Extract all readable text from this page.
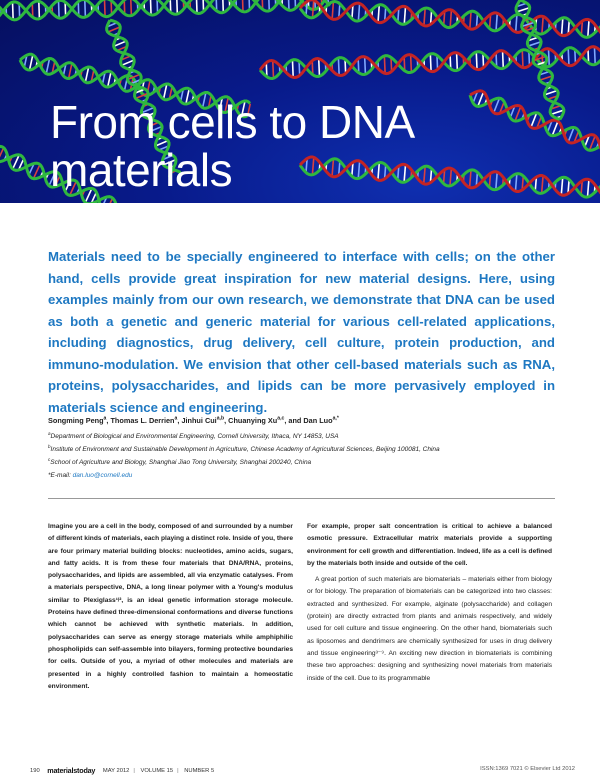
From cells to DNA
materials

Materials need to be specially engineered to interface with cells; on the other hand, cells provide great inspiration for new material designs. Here, using examples mainly from our own research, we demonstrate that DNA can be used as both a genetic and generic material for various cell-related applications, including diagnostics, drug delivery, cell culture, protein production, and immuno-modulation. We envision that other cell-based materials such as RNA, proteins, polysaccharides, and lipids can be more pervasively employed in materials science and engineering.

Songming Peng$^a$, Thomas L. Derrien$^a$, Jinhui Cui$^{a,b}$, Chuanying Xu$^{a,c}$, and Dan Luo$^{a,*}$
$^a$Department of Biological and Environmental Engineering, Cornell University, Ithaca, NY 14853, USA
$^b$Institute of Environment and Sustainable Development in Agriculture, Chinese Academy of Agricultural Sciences, Beijing 100081, China
$^c$School of Agriculture and Biology, Shanghai Jiao Tong University, Shanghai 200240, China
*E-mail: dan.luo@cornell.edu

Imagine you are a cell in the body, composed of and surrounded by a number of different kinds of materials, each playing a distinct role. Inside of you, there are four primary material building blocks: nucleotides, amino acids, sugars, and fatty acids. It is from these four materials that DNA/RNA, proteins, polysaccharides, and lipids are assembled, all via enzymatic catalyses. From a materials perspective, DNA, a long linear polymer with a Young's modulus similar to Plexiglass¹ʲ², is an ideal genetic information storage molecule. Proteins have defined three-dimensional conformations and diverse functions which cannot be achieved with synthetic materials. In addition, polysaccharides can serve as energy storage materials while amphiphilic phospholipids can self-assemble into bilayers, forming protective boundaries for cells. Outside of you, a myriad of other molecules and materials are presented in a highly controlled fashion to maintain a homeostatic environment.

For example, proper salt concentration is critical to achieve a balanced osmotic pressure. Extracellular matrix materials provide a supporting environment for cell growth and differentiation. Indeed, life as a cell is defined by the materials both inside and outside of the cell.

A great portion of such materials are biomaterials – materials either from biology or for biology. The preparation of biomaterials can be categorized into two classes: extracted and synthesized. For example, alginate (polysaccharide) and collagen (protein) are directly extracted from plants and animals respectively, and widely used for cell culture and tissue engineering. On the other hand, biomaterials such as liposomes and dendrimers are chemically synthesized for uses in drug delivery and tissue engineering³⁻⁹. An exciting new direction in biomaterials is combining these two approaches: designing and synthesizing novel materials from materials inside of the cell. Due to its programmable

190 materialstoday MAY 2012 | VOLUME 15 | NUMBER 5	ISSN:1369 7021 © Elsevier Ltd 2012
